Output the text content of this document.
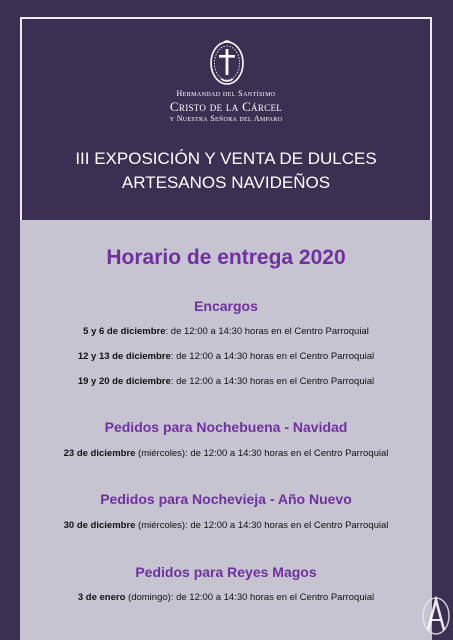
Hermandad del Santísimo
Cristo de la Cárcel
y Nuestra Señora del Amparo
III EXPOSICIÓN Y VENTA DE DULCES
ARTESANOS NAVIDEÑOS
Horario de entrega 2020
Encargos
5 y 6 de diciembre: de 12:00 a 14:30 horas en el Centro Parroquial
12 y 13 de diciembre: de 12:00 a 14:30 horas en el Centro Parroquial
19 y 20 de diciembre: de 12:00 a 14:30 horas en el Centro Parroquial
Pedidos para Nochebuena - Navidad
23 de diciembre (miércoles): de 12:00 a 14:30 horas en el Centro Parroquial
Pedidos para Nochevieja - Año Nuevo
30 de diciembre (miércoles): de 12:00 a 14:30 horas en el Centro Parroquial
Pedidos para Reyes Magos
3 de enero (domingo): de 12:00 a 14:30 horas en el Centro Parroquial
